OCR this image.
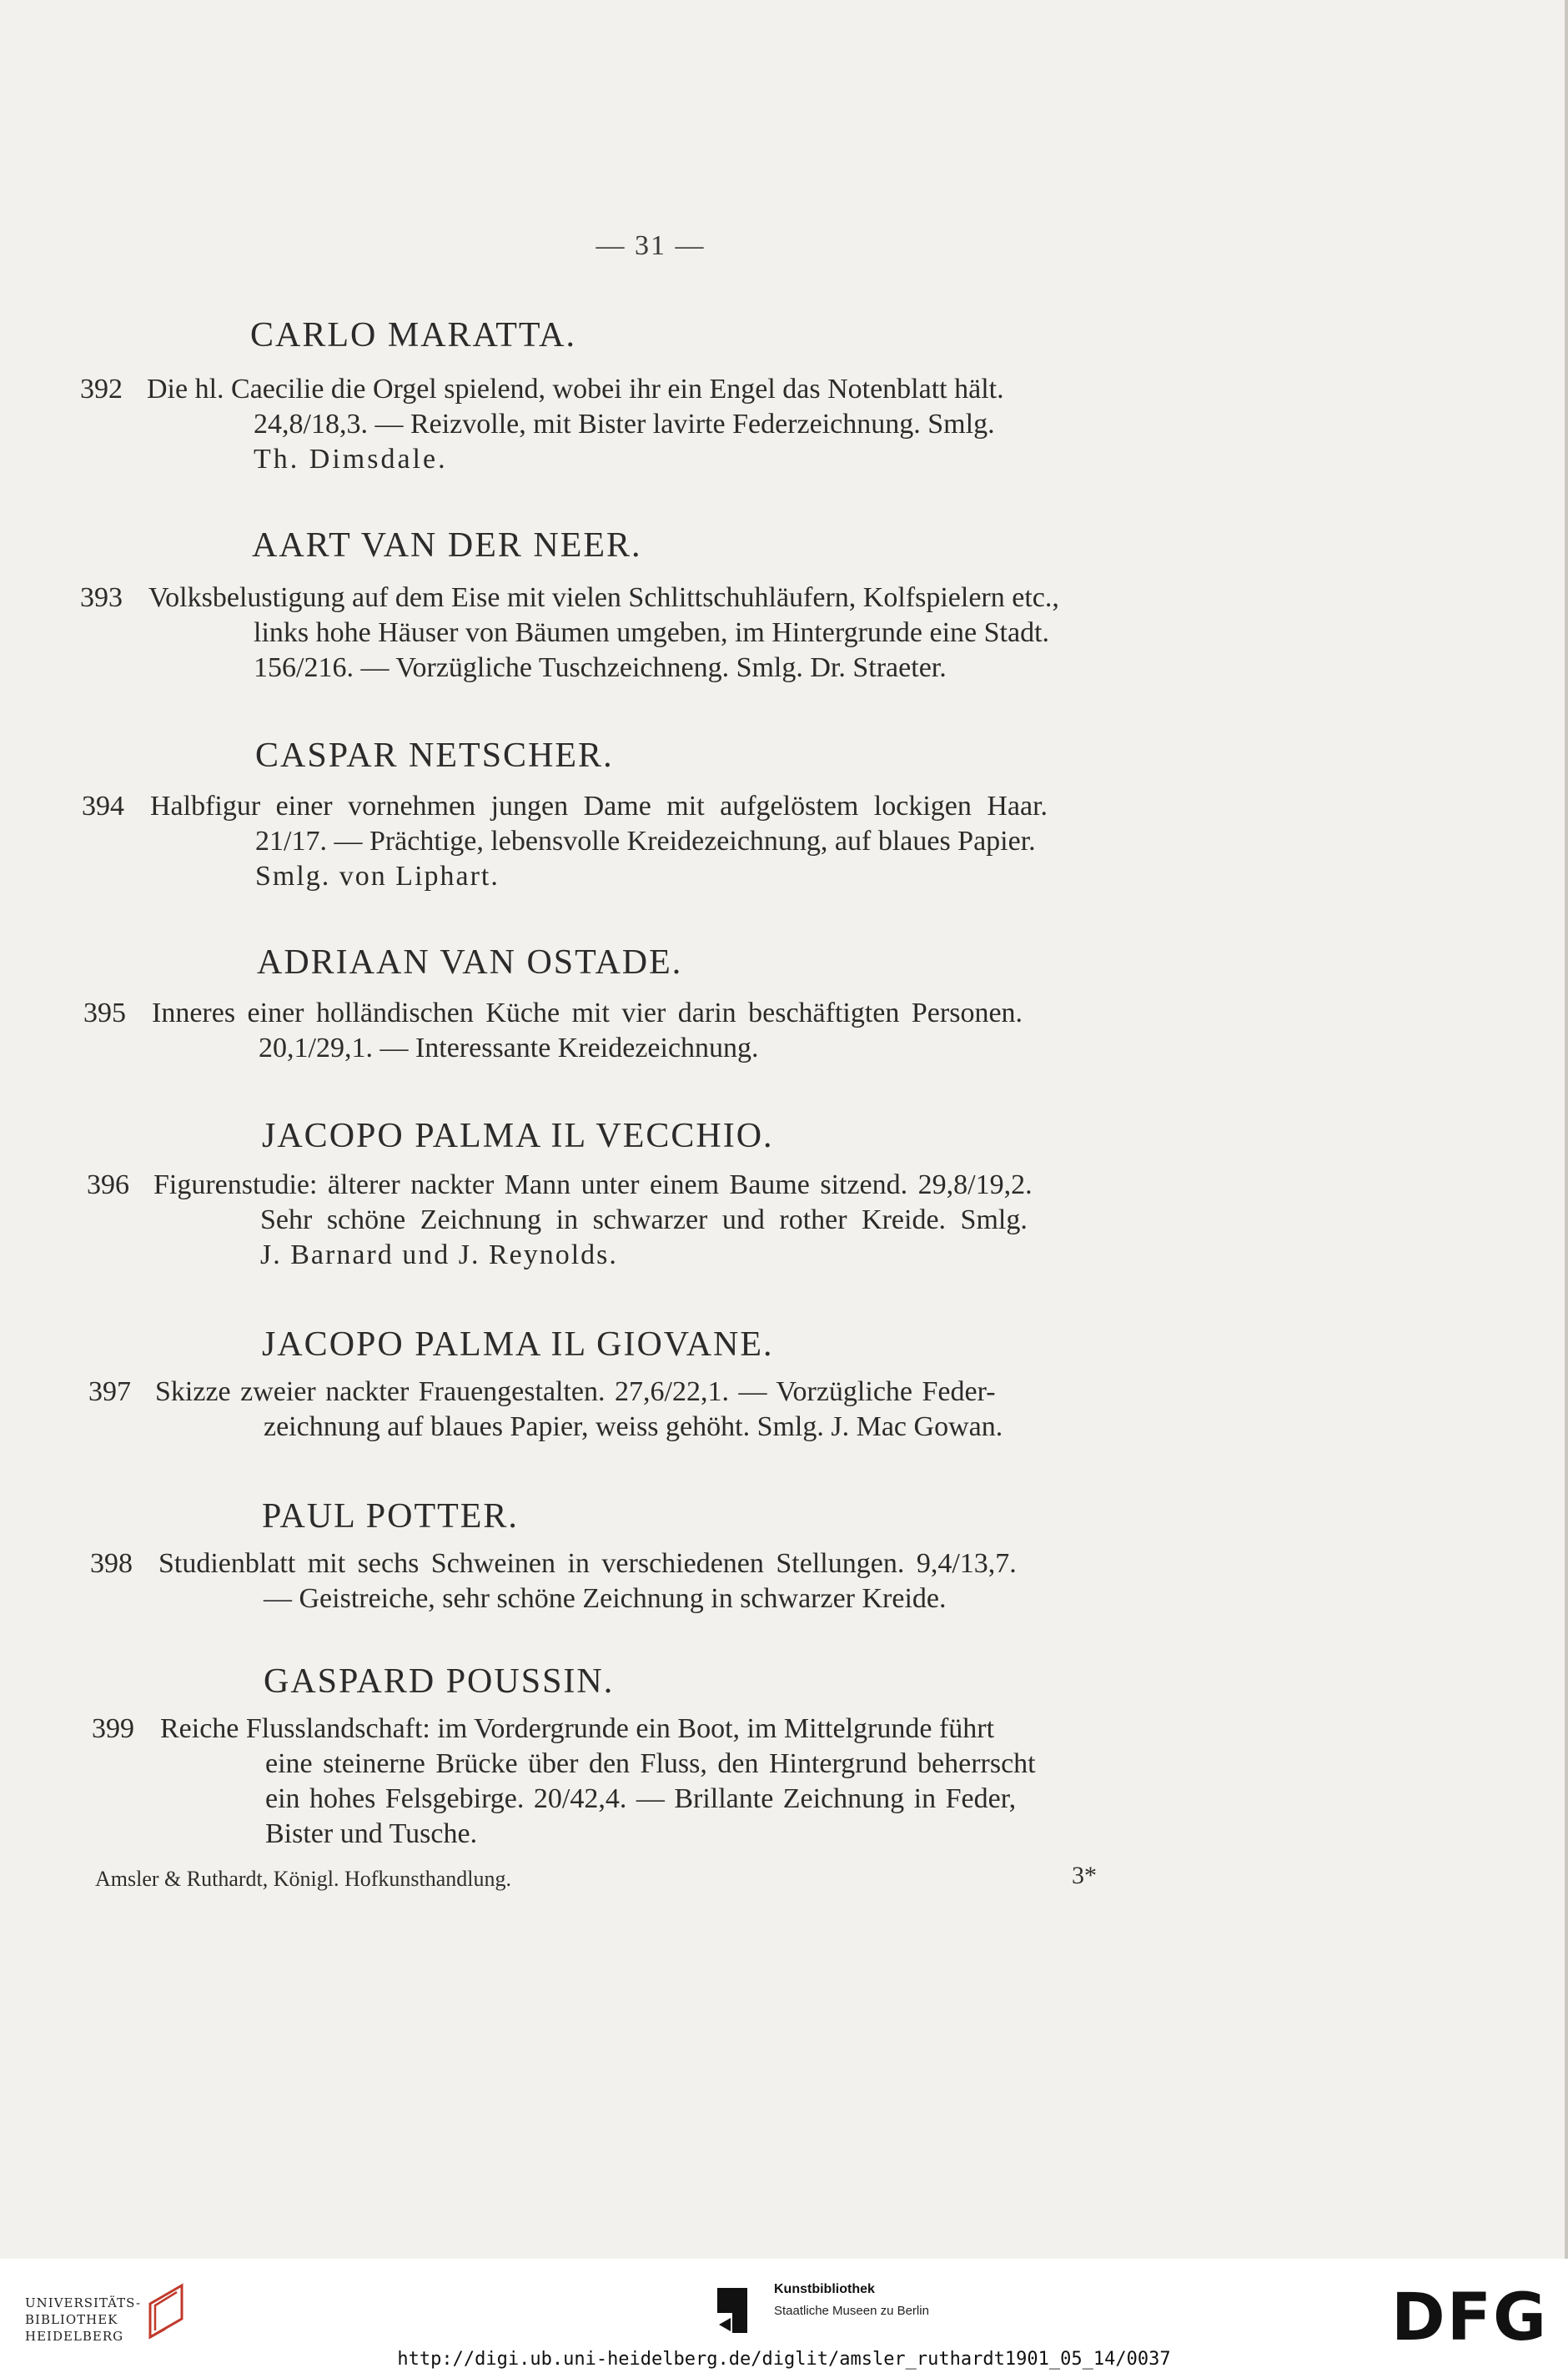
— 31 —
CARLO MARATTA.
AART VAN DER NEER.
CASPAR NETSCHER.
ADRIAAN VAN OSTADE.
JACOPO PALMA IL VECCHIO.
JACOPO PALMA IL GIOVANE.
PAUL POTTER.
GASPARD POUSSIN.
392 Die hl. Caecilie die Orgel spielend, wobei ihr ein Engel das Notenblatt hält.
24,8/18,3. — Reizvolle, mit Bister lavirte Federzeichnung. Smlg.
Th. Dimsdale.
393 Volksbelustigung auf dem Eise mit vielen Schlittschuhläufern, Kolfspielern etc.,
links hohe Häuser von Bäumen umgeben, im Hintergrunde eine Stadt.
156/216. — Vorzügliche Tuschzeichneng. Smlg. Dr. Straeter.
394 Halbfigur einer vornehmen jungen Dame mit aufgelöstem lockigen Haar.
21/17. — Prächtige, lebensvolle Kreidezeichnung, auf blaues Papier.
Smlg. von Liphart.
395 Inneres einer holländischen Küche mit vier darin beschäftigten Personen.
20,1/29,1. — Interessante Kreidezeichnung.
396 Figurenstudie: älterer nackter Mann unter einem Baume sitzend. 29,8/19,2.
Sehr schöne Zeichnung in schwarzer und rother Kreide. Smlg.
J. Barnard und J. Reynolds.
397 Skizze zweier nackter Frauengestalten. 27,6/22,1. — Vorzügliche Feder-
zeichnung auf blaues Papier, weiss gehöht. Smlg. J. Mac Gowan.
398 Studienblatt mit sechs Schweinen in verschiedenen Stellungen. 9,4/13,7.
— Geistreiche, sehr schöne Zeichnung in schwarzer Kreide.
399 Reiche Flusslandschaft: im Vordergrunde ein Boot, im Mittelgrunde führt
eine steinerne Brücke über den Fluss, den Hintergrund beherrscht
ein hohes Felsgebirge. 20/42,4. — Brillante Zeichnung in Feder,
Bister und Tusche.
Amsler & Ruthardt, Königl. Hofkunsthandlung.	3*
UNIVERSITÄTS-
BIBLIOTHEK
HEIDELBERG
Kunstbibliothek
Staatliche Museen zu Berlin	DFG
http://digi.ub.uni-heidelberg.de/diglit/amsler_ruthardt1901_05_14/0037
